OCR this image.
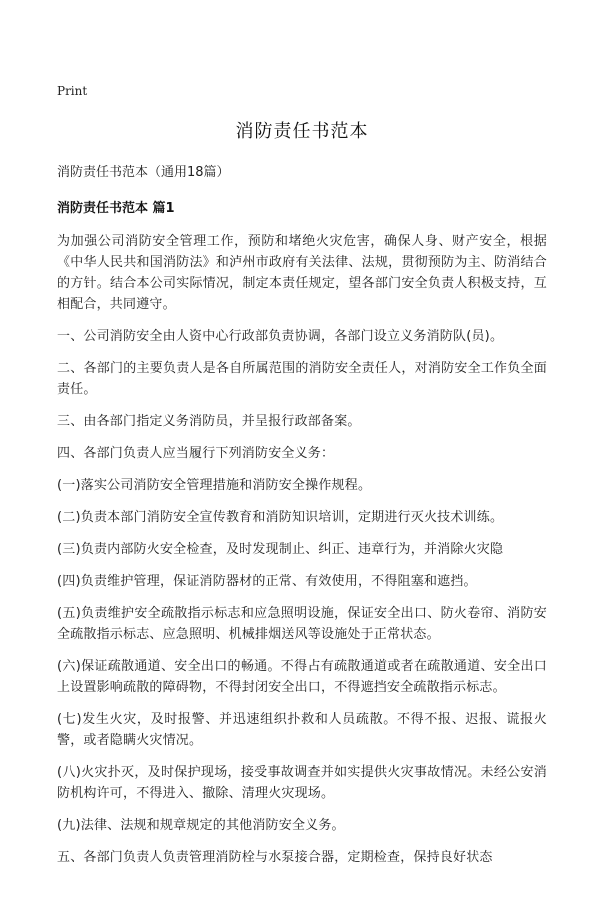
Print
消防责任书范本

消防责任书范本（通用18篇）

消防责任书范本 篇1

为加强公司消防安全管理工作，预防和堵绝火灾危害，确保人身、财产安全，根据《中华人民共和国消防法》和泸州市政府有关法律、法规，贯彻预防为主、防消结合的方针。结合本公司实际情况，制定本责任规定，望各部门安全负责人积极支持，互相配合，共同遵守。

一、公司消防安全由人资中心行政部负责协调，各部门设立义务消防队(员)。

二、各部门的主要负责人是各自所属范围的消防安全责任人，对消防安全工作负全面责任。

三、由各部门指定义务消防员，并呈报行政部备案。

四、各部门负责人应当履行下列消防安全义务：

(一)落实公司消防安全管理措施和消防安全操作规程。

(二)负责本部门消防安全宣传教育和消防知识培训，定期进行灭火技术训练。

(三)负责内部防火安全检查，及时发现制止、纠正、违章行为，并消除火灾隐

(四)负责维护管理，保证消防器材的正常、有效使用，不得阻塞和遮挡。

(五)负责维护安全疏散指示标志和应急照明设施，保证安全出口、防火卷帘、消防安全疏散指示标志、应急照明、机械排烟送风等设施处于正常状态。

(六)保证疏散通道、安全出口的畅通。不得占有疏散通道或者在疏散通道、安全出口上设置影响疏散的障碍物，不得封闭安全出口，不得遮挡安全疏散指示标志。

(七)发生火灾，及时报警、并迅速组织扑救和人员疏散。不得不报、迟报、谎报火警，或者隐瞒火灾情况。

(八)火灾扑灭，及时保护现场，接受事故调查并如实提供火灾事故情况。未经公安消防机构许可，不得进入、撤除、清理火灾现场。

(九)法律、法规和规章规定的其他消防安全义务。

五、各部门负责人负责管理消防栓与水泵接合器，定期检查，保持良好状态
